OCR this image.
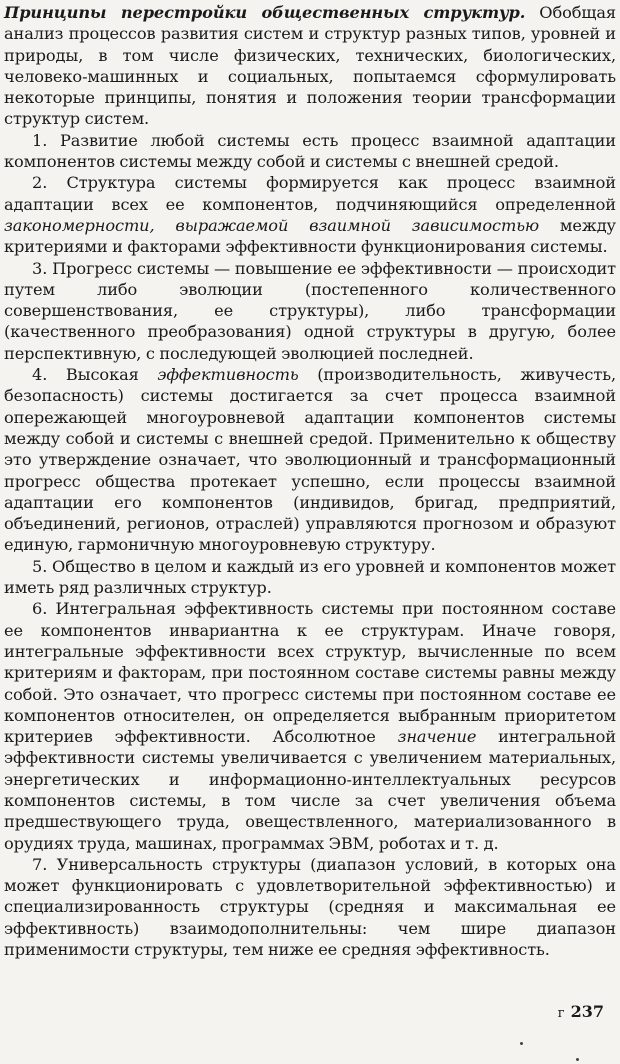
Принципы перестройки общественных структур. Обобщая анализ процессов развития систем и структур разных типов, уровней и природы, в том числе физических, технических, биологических, человеко-машинных и социальных, попытаемся сформулировать некоторые принципы, понятия и положения теории трансформации структур систем.

1. Развитие любой системы есть процесс взаимной адаптации компонентов системы между собой и системы с внешней средой.

2. Структура системы формируется как процесс взаимной адаптации всех ее компонентов, подчиняющийся определенной закономерности, выражаемой взаимной зависимостью между критериями и факторами эффективности функционирования системы.

3. Прогресс системы — повышение ее эффективности — происходит путем либо эволюции (постепенного количественного совершенствования, ее структуры), либо трансформации (качественного преобразования) одной структуры в другую, более перспективную, с последующей эволюцией последней.

4. Высокая эффективность (производительность, живучесть, безопасность) системы достигается за счет процесса взаимной опережающей многоуровневой адаптации компонентов системы между собой и системы с внешней средой. Применительно к обществу это утверждение означает, что эволюционный и трансформационный прогресс общества протекает успешно, если процессы взаимной адаптации его компонентов (индивидов, бригад, предприятий, объединений, регионов, отраслей) управляются прогнозом и образуют единую, гармоничную многоуровневую структуру.

5. Общество в целом и каждый из его уровней и компонентов может иметь ряд различных структур.

6. Интегральная эффективность системы при постоянном составе ее компонентов инвариантна к ее структурам. Иначе говоря, интегральные эффективности всех структур, вычисленные по всем критериям и факторам, при постоянном составе системы равны между собой. Это означает, что прогресс системы при постоянном составе ее компонентов относителен, он определяется выбранным приоритетом критериев эффективности. Абсолютное значение интегральной эффективности системы увеличивается с увеличением материальных, энергетических и информационно-интеллектуальных ресурсов компонентов системы, в том числе за счет увеличения объема предшествующего труда, овеществленного, материализованного в орудиях труда, машинах, программах ЭВМ, роботах и т. д.

7. Универсальность структуры (диапазон условий, в которых она может функционировать с удовлетворительной эффективностью) и специализированность структуры (средняя и максимальная ее эффективность) взаимодополнительны: чем шире диапазон применимости структуры, тем ниже ее средняя эффективность.

г 237
